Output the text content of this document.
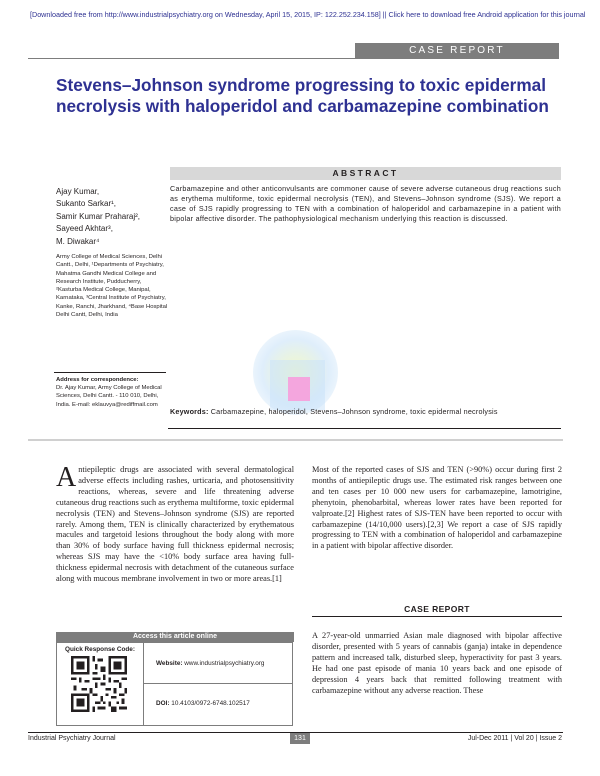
[Downloaded free from http://www.industrialpsychiatry.org on Wednesday, April 15, 2015, IP: 122.252.234.158] || Click here to download free Android application for this journal
CASE REPORT
Stevens–Johnson syndrome progressing to toxic epidermal necrolysis with haloperidol and carbamazepine combination
ABSTRACT
Ajay Kumar,
Sukanto Sarkar¹,
Samir Kumar Praharaj²,
Sayeed Akhtar³,
M. Diwakar⁴
Army College of Medical Sciences, Delhi Cantt., Delhi, ¹Departments of Psychiatry, Mahatma Gandhi Medical College and Research Institute, Pudducherry, ²Kasturba Medical College, Manipal, Karnataka, ³Central Institute of Psychiatry, Kanke, Ranchi, Jharkhand, ⁴Base Hospital Delhi Cantt, Delhi, India
Address for correspondence:
Dr. Ajay Kumar, Army College of Medical Sciences, Delhi Cantt. - 110 010, Delhi, India. E-mail: eklauvya@rediffmail.com
Carbamazepine and other anticonvulsants are commoner cause of severe adverse cutaneous drug reactions such as erythema multiforme, toxic epidermal necrolysis (TEN), and Stevens–Johnson syndrome (SJS). We report a case of SJS rapidly progressing to TEN with a combination of haloperidol and carbamazepine in a patient with bipolar affective disorder. The pathophysiological mechanism underlying this reaction is discussed.
Keywords: Carbamazepine, haloperidol, Stevens–Johnson syndrome, toxic epidermal necrolysis
Antiepileptic drugs are associated with several dermatological adverse effects including rashes, urticaria, and photosensitivity reactions, whereas, severe and life threatening adverse cutaneous drug reactions such as erythema multiforme, toxic epidermal necrolysis (TEN) and Stevens–Johnson syndrome (SJS) are reported rarely. Among them, TEN is clinically characterized by erythematous macules and targetoid lesions throughout the body along with more than 30% of body surface having full thickness epidermal necrosis; whereas SJS may have the <10% body surface area having full-thickness epidermal necrosis with detachment of the cutaneous surface along with mucous membrane involvement in two or more areas.[1]

Most of the reported cases of SJS and TEN (>90%) occur during first 2 months of antiepileptic drugs use. The estimated risk ranges between one and ten cases per 10 000 new users for carbamazepine, lamotrigine, phenytoin, phenobarbital, whereas lower rates have been reported for valproate.[2] Highest rates of SJS-TEN have been reported to occur with carbamazepine (14/10,000 users).[2,3] We report a case of SJS rapidly progressing to TEN with a combination of haloperidol and carbamazepine in a patient with bipolar affective disorder.

CASE REPORT
A 27-year-old unmarried Asian male diagnosed with bipolar affective disorder, presented with 5 years of cannabis (ganja) intake in dependence pattern and increased talk, disturbed sleep, hyperactivity for past 3 years. He had one past episode of mania 10 years back and one episode of depression 4 years back that remitted following treatment with carbamazepine without any adverse reaction. These
Access this article online
Quick Response Code:
Website: www.industrialpsychiatry.org
DOI: 10.4103/0972-6748.102517
Industrial Psychiatry Journal	131	Jul-Dec 2011 | Vol 20 | Issue 2
